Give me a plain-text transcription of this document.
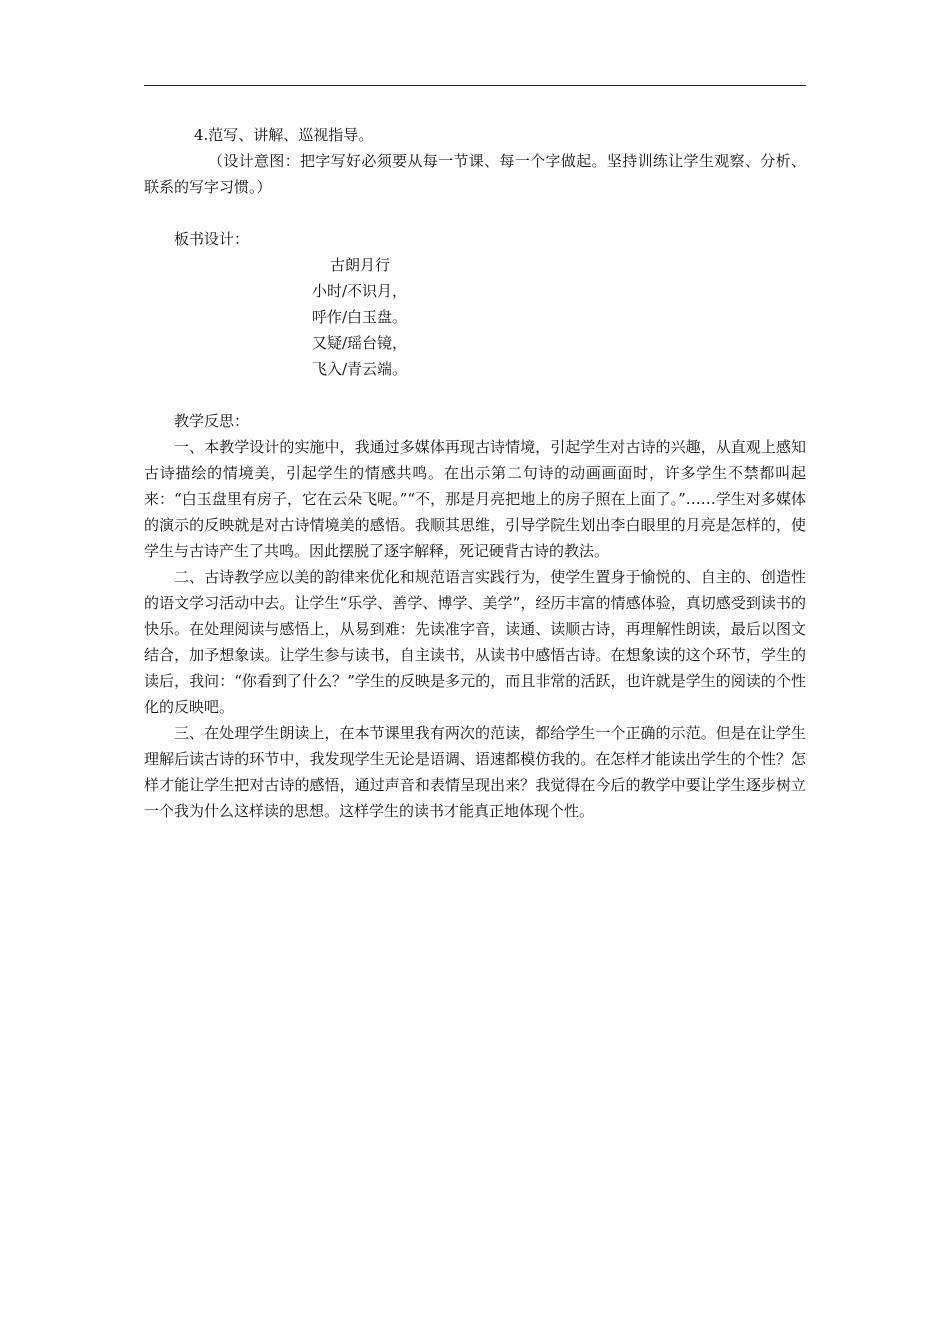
4.范写、讲解、巡视指导。

（设计意图：把字写好必须要从每一节课、每一个字做起。坚持训练让学生观察、分析、联系的写字习惯。）

板书设计：

古朗月行

小时/不识月，

呼作/白玉盘。

又疑/瑶台镜，

飞入/青云端。

教学反思：

一、本教学设计的实施中，我通过多媒体再现古诗情境，引起学生对古诗的兴趣，从直观上感知古诗描绘的情境美，引起学生的情感共鸣。在出示第二句诗的动画画面时，许多学生不禁都叫起来：“白玉盘里有房子，它在云朵飞呢。”“不，那是月亮把地上的房子照在上面了。”……学生对多媒体的演示的反映就是对古诗情境美的感悟。我顺其思维，引导学院生划出李白眼里的月亮是怎样的，使学生与古诗产生了共鸣。因此摆脱了逐字解释，死记硬背古诗的教法。

二、古诗教学应以美的韵律来优化和规范语言实践行为，使学生置身于愉悦的、自主的、创造性的语文学习活动中去。让学生“乐学、善学、博学、美学”，经历丰富的情感体验，真切感受到读书的快乐。在处理阅读与感悟上，从易到难：先读准字音，读通、读顺古诗，再理解性朗读，最后以图文结合，加予想象读。让学生参与读书，自主读书，从读书中感悟古诗。在想象读的这个环节，学生的读后，我问：“你看到了什么？”学生的反映是多元的，而且非常的活跃，也许就是学生的阅读的个性化的反映吧。

三、在处理学生朗读上，在本节课里我有两次的范读，都给学生一个正确的示范。但是在让学生理解后读古诗的环节中，我发现学生无论是语调、语速都模仿我的。在怎样才能读出学生的个性？怎样才能让学生把对古诗的感悟，通过声音和表情呈现出来？我觉得在今后的教学中要让学生逐步树立一个我为什么这样读的思想。这样学生的读书才能真正地体现个性。
